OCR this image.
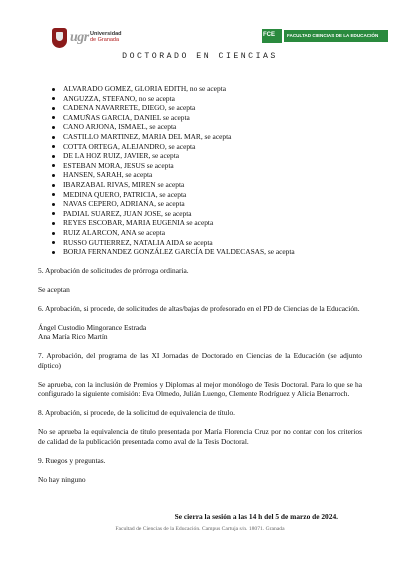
ugr Universidad
de Granada
FCE
FACULTAD CIENCIAS DE LA EDUCACIÓN
DOCTORADO EN CIENCIAS
ALVARADO GOMEZ, GLORIA EDITH, no se acepta
ANGUZZA, STEFANO, no se acepta
CADENA NAVARRETE, DIEGO, se acepta
CAMUÑAS GARCIA, DANIEL se acepta
CANO ARJONA, ISMAEL, se acepta
CASTILLO MARTINEZ, MARIA DEL MAR, se acepta
COTTA ORTEGA, ALEJANDRO, se acepta
DE LA HOZ RUIZ, JAVIER, se acepta
ESTEBAN MORA, JESUS se acepta
HANSEN, SARAH, se acepta
IBARZABAL RIVAS, MIREN se acepta
MEDINA QUERO, PATRICIA, se acepta
NAVAS CEPERO, ADRIANA, se acepta
PADIAL SUAREZ, JUAN JOSE, se acepta
REYES ESCOBAR, MARIA EUGENIA se acepta
RUIZ ALARCON, ANA se acepta
RUSSO GUTIERREZ, NATALIA AIDA se acepta
BORJA FERNANDEZ GONZÁLEZ GARCÍA DE VALDECASAS, se acepta

5. Aprobación de solicitudes de prórroga ordinaria.

Se aceptan

6. Aprobación, si procede, de solicitudes de altas/bajas de profesorado en el PD de Ciencias de la Educación.

Ángel Custodio Mingorance Estrada
Ana María Rico Martín

7. Aprobación, del programa de las XI Jornadas de Doctorado en Ciencias de la Educación (se adjunto díptico)

Se aprueba, con la inclusión de Premios y Diplomas al mejor monólogo de Tesis Doctoral. Para lo que se ha configurado la siguiente comisión: Eva Olmedo, Julián Luengo, Clemente Rodríguez y Alicia Benarroch.

8. Aprobación, si procede, de la solicitud de equivalencia de título.

No se aprueba la equivalencia de título presentada por María Florencia Cruz por no contar con los criterios de calidad de la publicación presentada como aval de la Tesis Doctoral.

9. Ruegos y preguntas.

No hay ninguno

Se cierra la sesión a las 14 h del 5 de marzo de 2024.
Facultad de Ciencias de la Educación. Campus Cartuja s/n. 18071. Granada
